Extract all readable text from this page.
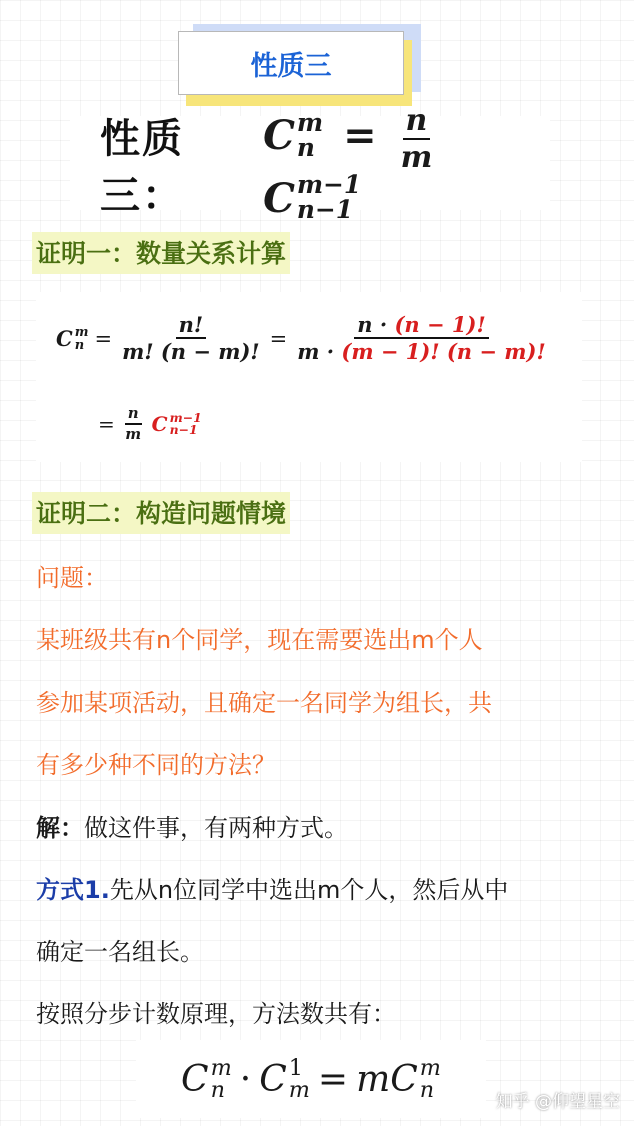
性质三
性质三：
C m
$n = \frac{n}{m}$
C m−1
n−1
证明一：数量关系计算
C m
$n = \frac{n!}{m! (n - m)!} = \frac{n \cdot (n - 1)!}{m \cdot (m - 1)! (n - m)!}$
= $\frac{n}{m}$ C m−1
n−1
证明二：构造问题情境
问题：
某班级共有n个同学，现在需要选出m个人
参加某项活动，且确定一名同学为组长，共
有多少种不同的方法？
解：做这件事，有两种方式。
方式1.先从n位同学中选出m个人，然后从中
确定一名组长。
按照分步计数原理，方法数共有：
C m
n · C 1
m = m C m
n	知乎 @仰望星空
